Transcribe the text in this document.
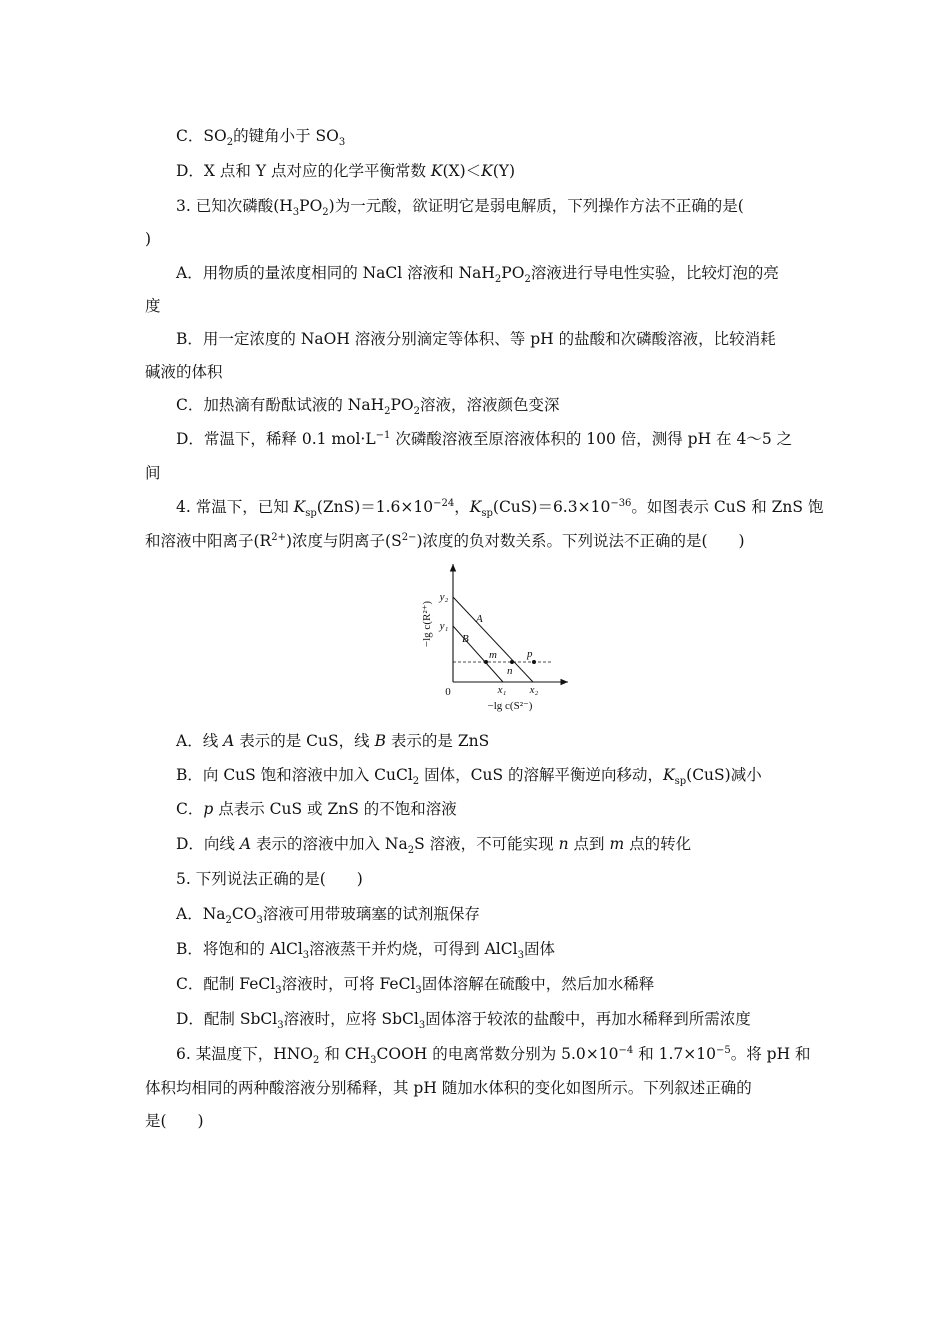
C．$SO_2$的键角小于 $SO_3$
D．X 点和 Y 点对应的化学平衡常数 K(X)＜K(Y)
3. 已知次磷酸$(H_3PO_2)$为一元酸，欲证明它是弱电解质，下列操作方法不正确的是(
)
A．用物质的量浓度相同的 NaCl 溶液和 $NaH_2PO_2$溶液进行导电性实验，比较灯泡的亮
度
B．用一定浓度的 NaOH 溶液分别滴定等体积、等 pH 的盐酸和次磷酸溶液，比较消耗
碱液的体积
C．加热滴有酚酞试液的 $NaH_2PO_2$溶液，溶液颜色变深
D．常温下，稀释 0.1 $mol\cdot L^{-1}$ 次磷酸溶液至原溶液体积的 100 倍，测得 pH 在 4～5 之
间
4. 常温下，已知 $K_{sp}(ZnS)=1.6\times 10^{-24}$，$K_{sp}(CuS)=6.3\times 10^{-36}$。如图表示 CuS 和 ZnS 饱
和溶液中阳离子$(R^{2+})$浓度与阴离子$(S^{2-})$浓度的负对数关系。下列说法不正确的是(　　)
−lg c(R²⁺)
−lg c(S²⁻)
0
y₂
y₁
A
B
m
n
p
x₁ x₂
A．线 A 表示的是 CuS，线 B 表示的是 ZnS
B．向 CuS 饱和溶液中加入 CuCl$_2$ 固体，CuS 的溶解平衡逆向移动，$K_{sp}(CuS)$减小
C．p 点表示 CuS 或 ZnS 的不饱和溶液
D．向线 A 表示的溶液中加入 $Na_2S$ 溶液，不可能实现 n 点到 m 点的转化
5. 下列说法正确的是(　　)
A．$Na_2CO_3$溶液可用带玻璃塞的试剂瓶保存
B．将饱和的 AlCl$_3$溶液蒸干并灼烧，可得到 AlCl$_3$固体
C．配制 FeCl$_3$溶液时，可将 FeCl$_3$固体溶解在硫酸中，然后加水稀释
D．配制 SbCl$_3$溶液时，应将 SbCl$_3$固体溶于较浓的盐酸中，再加水稀释到所需浓度
6. 某温度下，$HNO_2$ 和 $CH_3COOH$ 的电离常数分别为 $5.0\times 10^{-4}$ 和 $1.7\times 10^{-5}$。将 pH 和
体积均相同的两种酸溶液分别稀释，其 pH 随加水体积的变化如图所示。下列叙述正确的
是(　　)
